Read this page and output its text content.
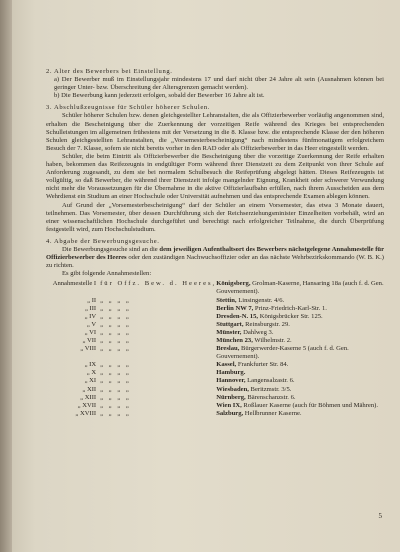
2. Alter des Bewerbers bei Einstellung.

a) Der Bewerber muß im Einstellungsjahr mindestens 17 und darf nicht über 24 Jahre alt sein (Ausnahmen können bei geringer Unter- bzw. Überschreitung der Altersgrenzen gemacht werden).

b) Die Bewerbung kann jederzeit erfolgen, sobald der Bewerber 16 Jahre alt ist.

3. Abschlußzeugnisse für Schüler höherer Schulen.

Schüler höherer Schulen bzw. denen gleichgestellter Lehranstalten, die als Offizierbewerber vorläufig angenommen sind, erhalten die Bescheinigung über die Zuerkennung der vorzeitigen Reife während des Krieges bei entsprechenden Schulleistungen im allgemeinen frühestens mit der Versetzung in die 8. Klasse bzw. die entsprechende Klasse der den höheren Schulen gleichgestellten Lehranstalten, die „Vorsemesterbescheinigung“ nach mindestens fünfmonatigem erfolgreichem Besuch der 7. Klasse, sofern sie nicht bereits vorher in den RAD oder als Offizierbewerber in das Heer eingestellt werden.

Schüler, die beim Eintritt als Offizierbewerber die Bescheinigung über die vorzeitige Zuerkennung der Reife erhalten haben, bekommen das Reifezeugnis in endgültiger Form während ihrer Dienstzeit zu dem Zeitpunkt von ihrer Schule auf Anforderung zugesandt, zu dem sie bei normalem Schulbesuch die Reifeprüfung abgelegt hätten. Dieses Reifezeugnis ist vollgültig, so daß Bewerber, die während ihrer Dienstzeit infolge mangelnder Eignung, Krankheit oder schwerer Verwundung nicht mehr die Voraussetzungen für die Übernahme in die aktive Offizierlaufbahn erfüllen, nach ihrem Ausscheiden aus dem Wehrdienst ein Studium an einer Hochschule oder Universität aufnehmen und das entsprechende Examen ablegen können.

Auf Grund der „Vorsemesterbescheinigung“ darf der Schüler an einem Vorsemester, das etwa 3 Monate dauert, teilnehmen. Das Vorsemester, über dessen Durchführung sich der Reichserziehungsminister Einzelheiten vorbehält, wird an einer wissenschaftlichen Hochschule durchgeführt und berechtigt nach erfolgreicher Teilnahme, die durch Überprüfung festgestellt wird, zum Hochschulstudium.

4. Abgabe der Bewerbungsgesuche.

Die Bewerbungsgesuche sind an die dem jeweiligen Aufenthaltsort des Bewerbers nächstgelegene Annahmestelle für Offizierbewerber des Heeres oder den zuständigen Nachwuchsoffizier oder an das nächste Wehrbezirkskommando (W. B. K.) zu richten.

Es gibt folgende Annahmestellen:

Annahmestelle I	für Offz. Bew. d. Heeres,	Königsberg, Grolman-Kaserne, Hansaring 18a (auch f. d. Gen. Gouvernement).
„ II	„ „ „ „	Stettin, Linsingenstr. 4/6.
„ III	„ „ „ „	Berlin NW 7, Prinz-Friedrich-Karl-Str. 1.
„ IV	„ „ „ „	Dresden-N. 15, Königsbrücker Str. 125.
„ V	„ „ „ „	Stuttgart, Reinsburgstr. 29.
„ VI	„ „ „ „	Münster, Dahlweg 3.
„ VII	„ „ „ „	München 23, Wilhelmstr. 2.
„ VIII	„ „ „ „	Breslau, Bürgerwerder-Kaserne 5 (auch f. d. Gen. Gouvernement).
„ IX	„ „ „ „	Kassel, Frankfurter Str. 84.
„ X	„ „ „ „	Hamburg.
„ XI	„ „ „ „	Hannover, Langensalzastr. 6.
„ XII	„ „ „ „	Wiesbaden, Beritzmstr. 3/5.
„ XIII	„ „ „ „	Nürnberg, Bärenschanzstr. 6.
„ XVII	„ „ „ „	Wien IX, Roßlauer Kaserne (auch für Böhmen und Mähren).
„ XVIII	„ „ „ „	Salzburg, Hellbrunner Kaserne.
5
